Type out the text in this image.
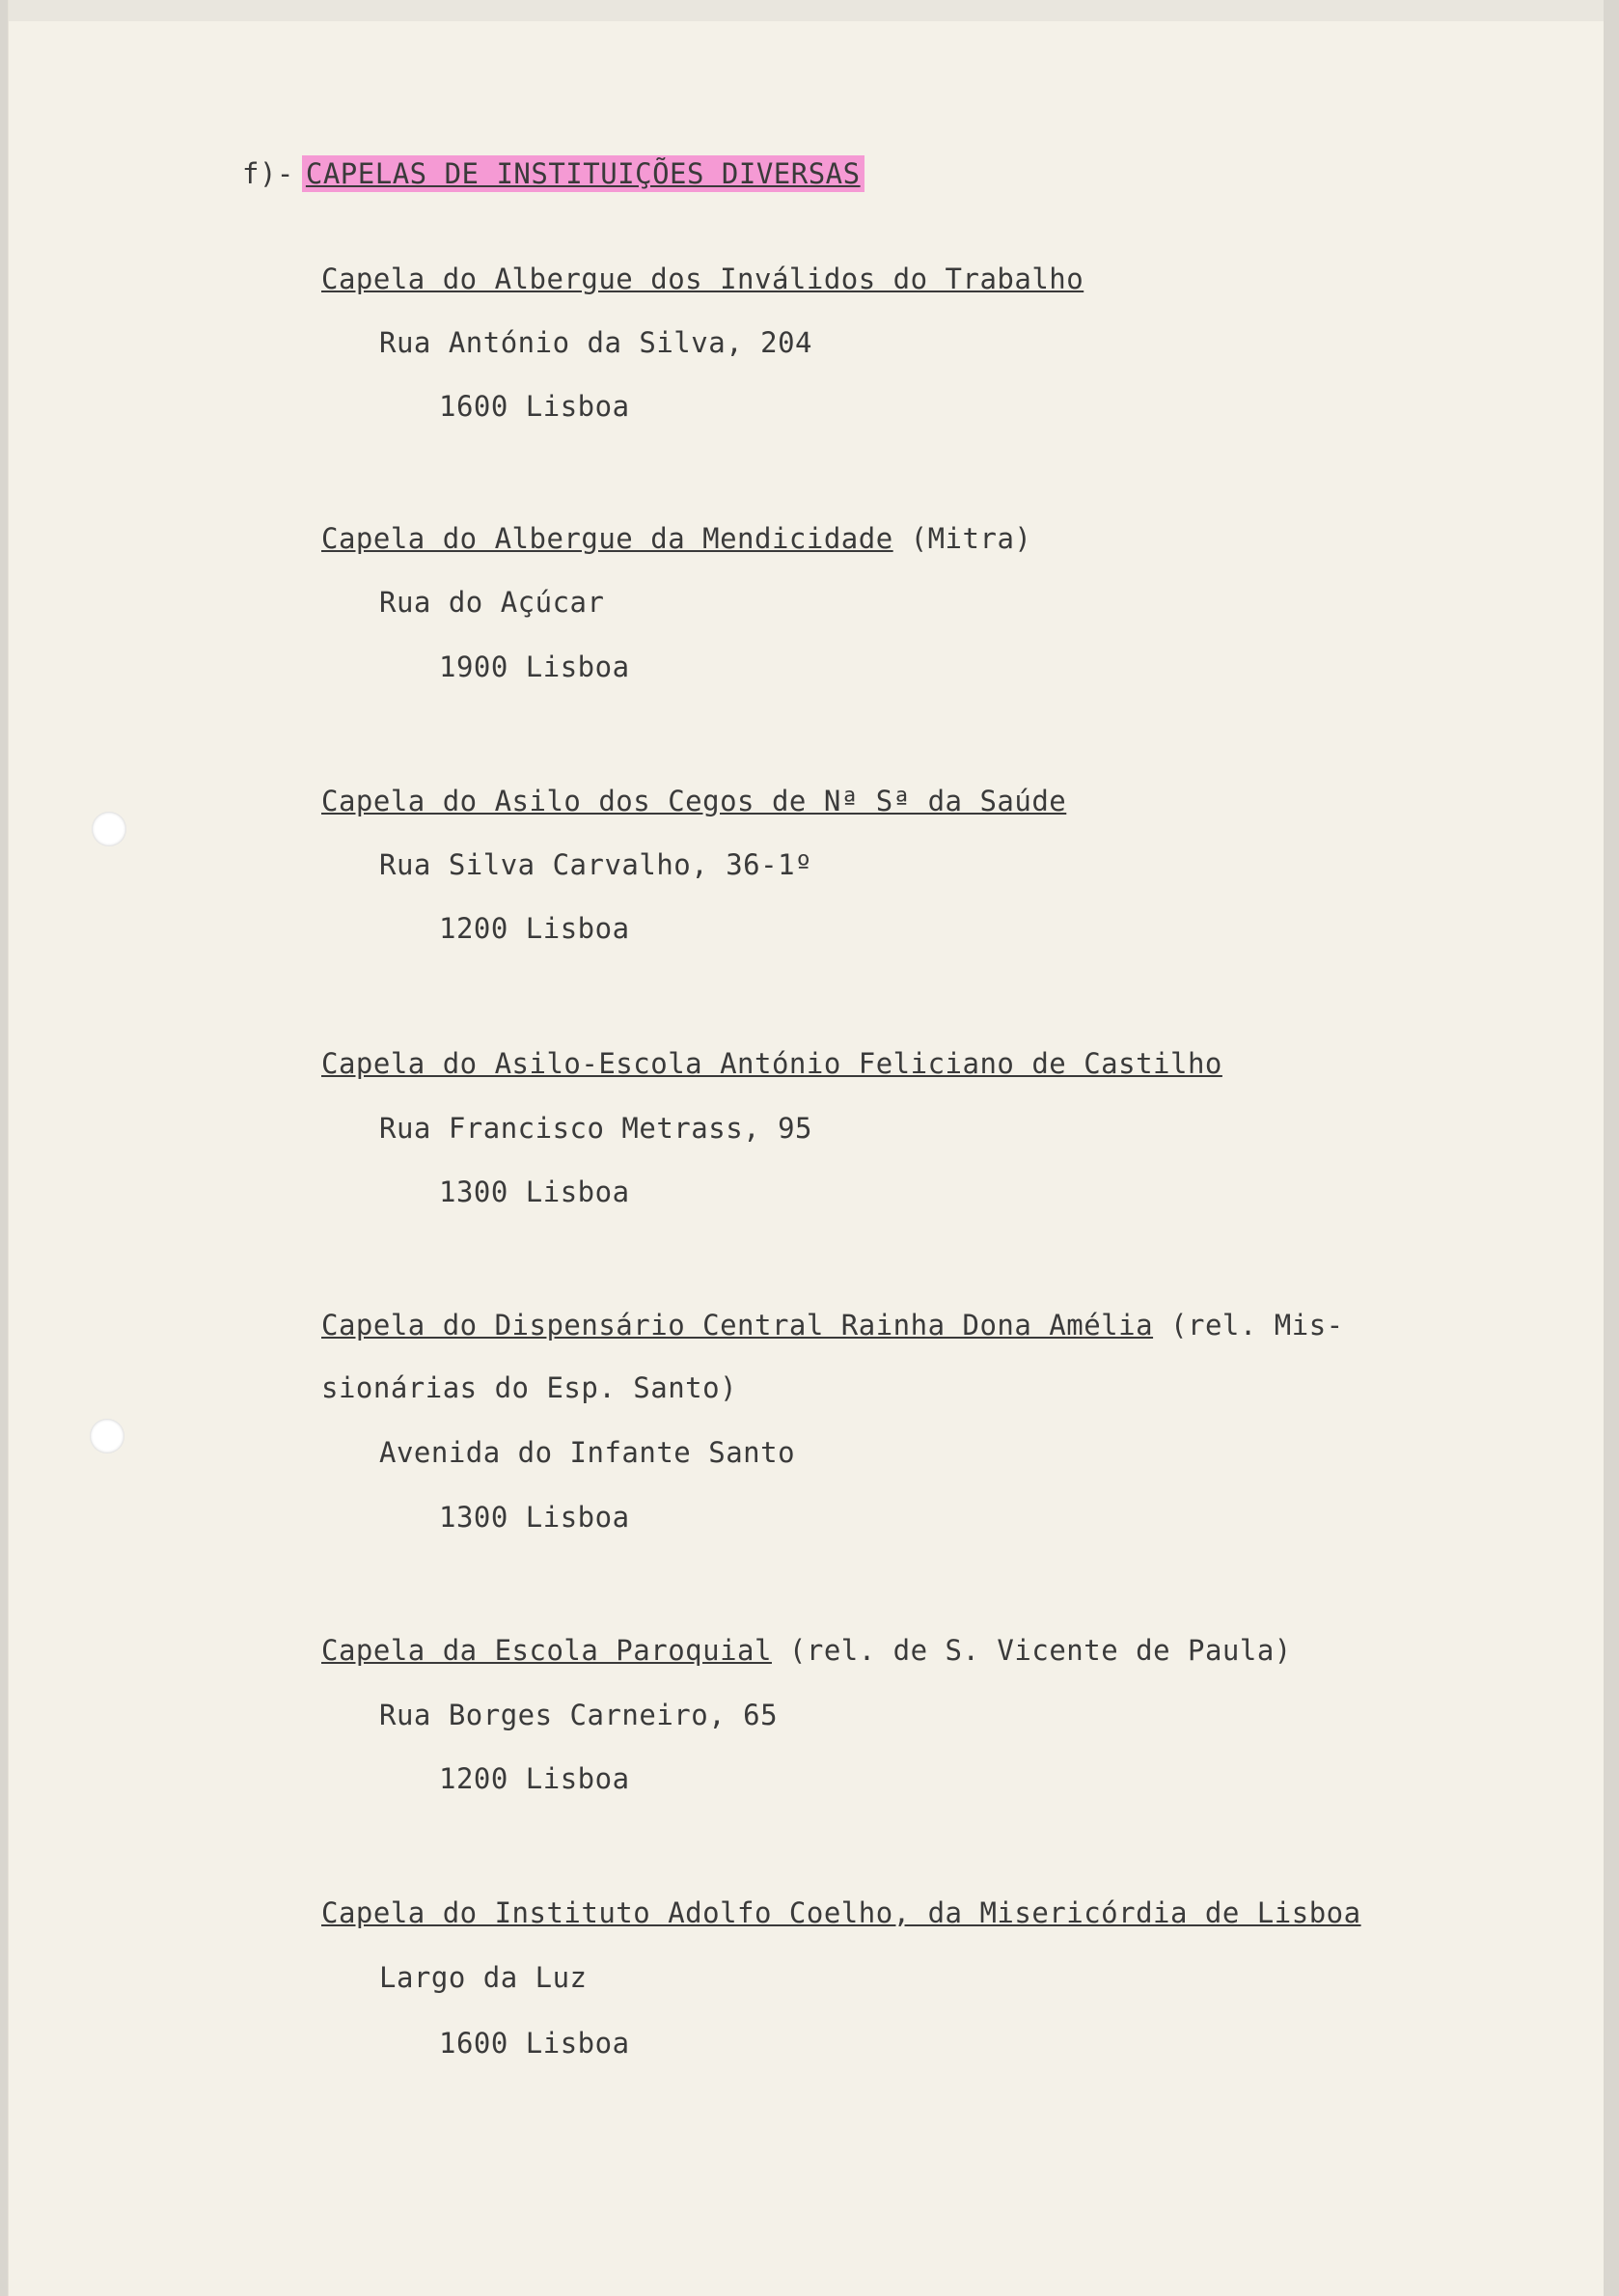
f)- CAPELAS DE INSTITUIÇÕES DIVERSAS
Capela do Albergue dos Inválidos do Trabalho
Rua António da Silva, 204
1600 Lisboa
Capela do Albergue da Mendicidade (Mitra)
Rua do Açúcar
1900 Lisboa
Capela do Asilo dos Cegos de Nª Sª da Saúde
Rua Silva Carvalho, 36-1º
1200 Lisboa
Capela do Asilo-Escola António Feliciano de Castilho
Rua Francisco Metrass, 95
1300 Lisboa
Capela do Dispensário Central Rainha Dona Amélia (rel. Mis-
sionárias do Esp. Santo)
Avenida do Infante Santo
1300 Lisboa
Capela da Escola Paroquial (rel. de S. Vicente de Paula)
Rua Borges Carneiro, 65
1200 Lisboa
Capela do Instituto Adolfo Coelho, da Misericórdia de Lisboa
Largo da Luz
1600 Lisboa
